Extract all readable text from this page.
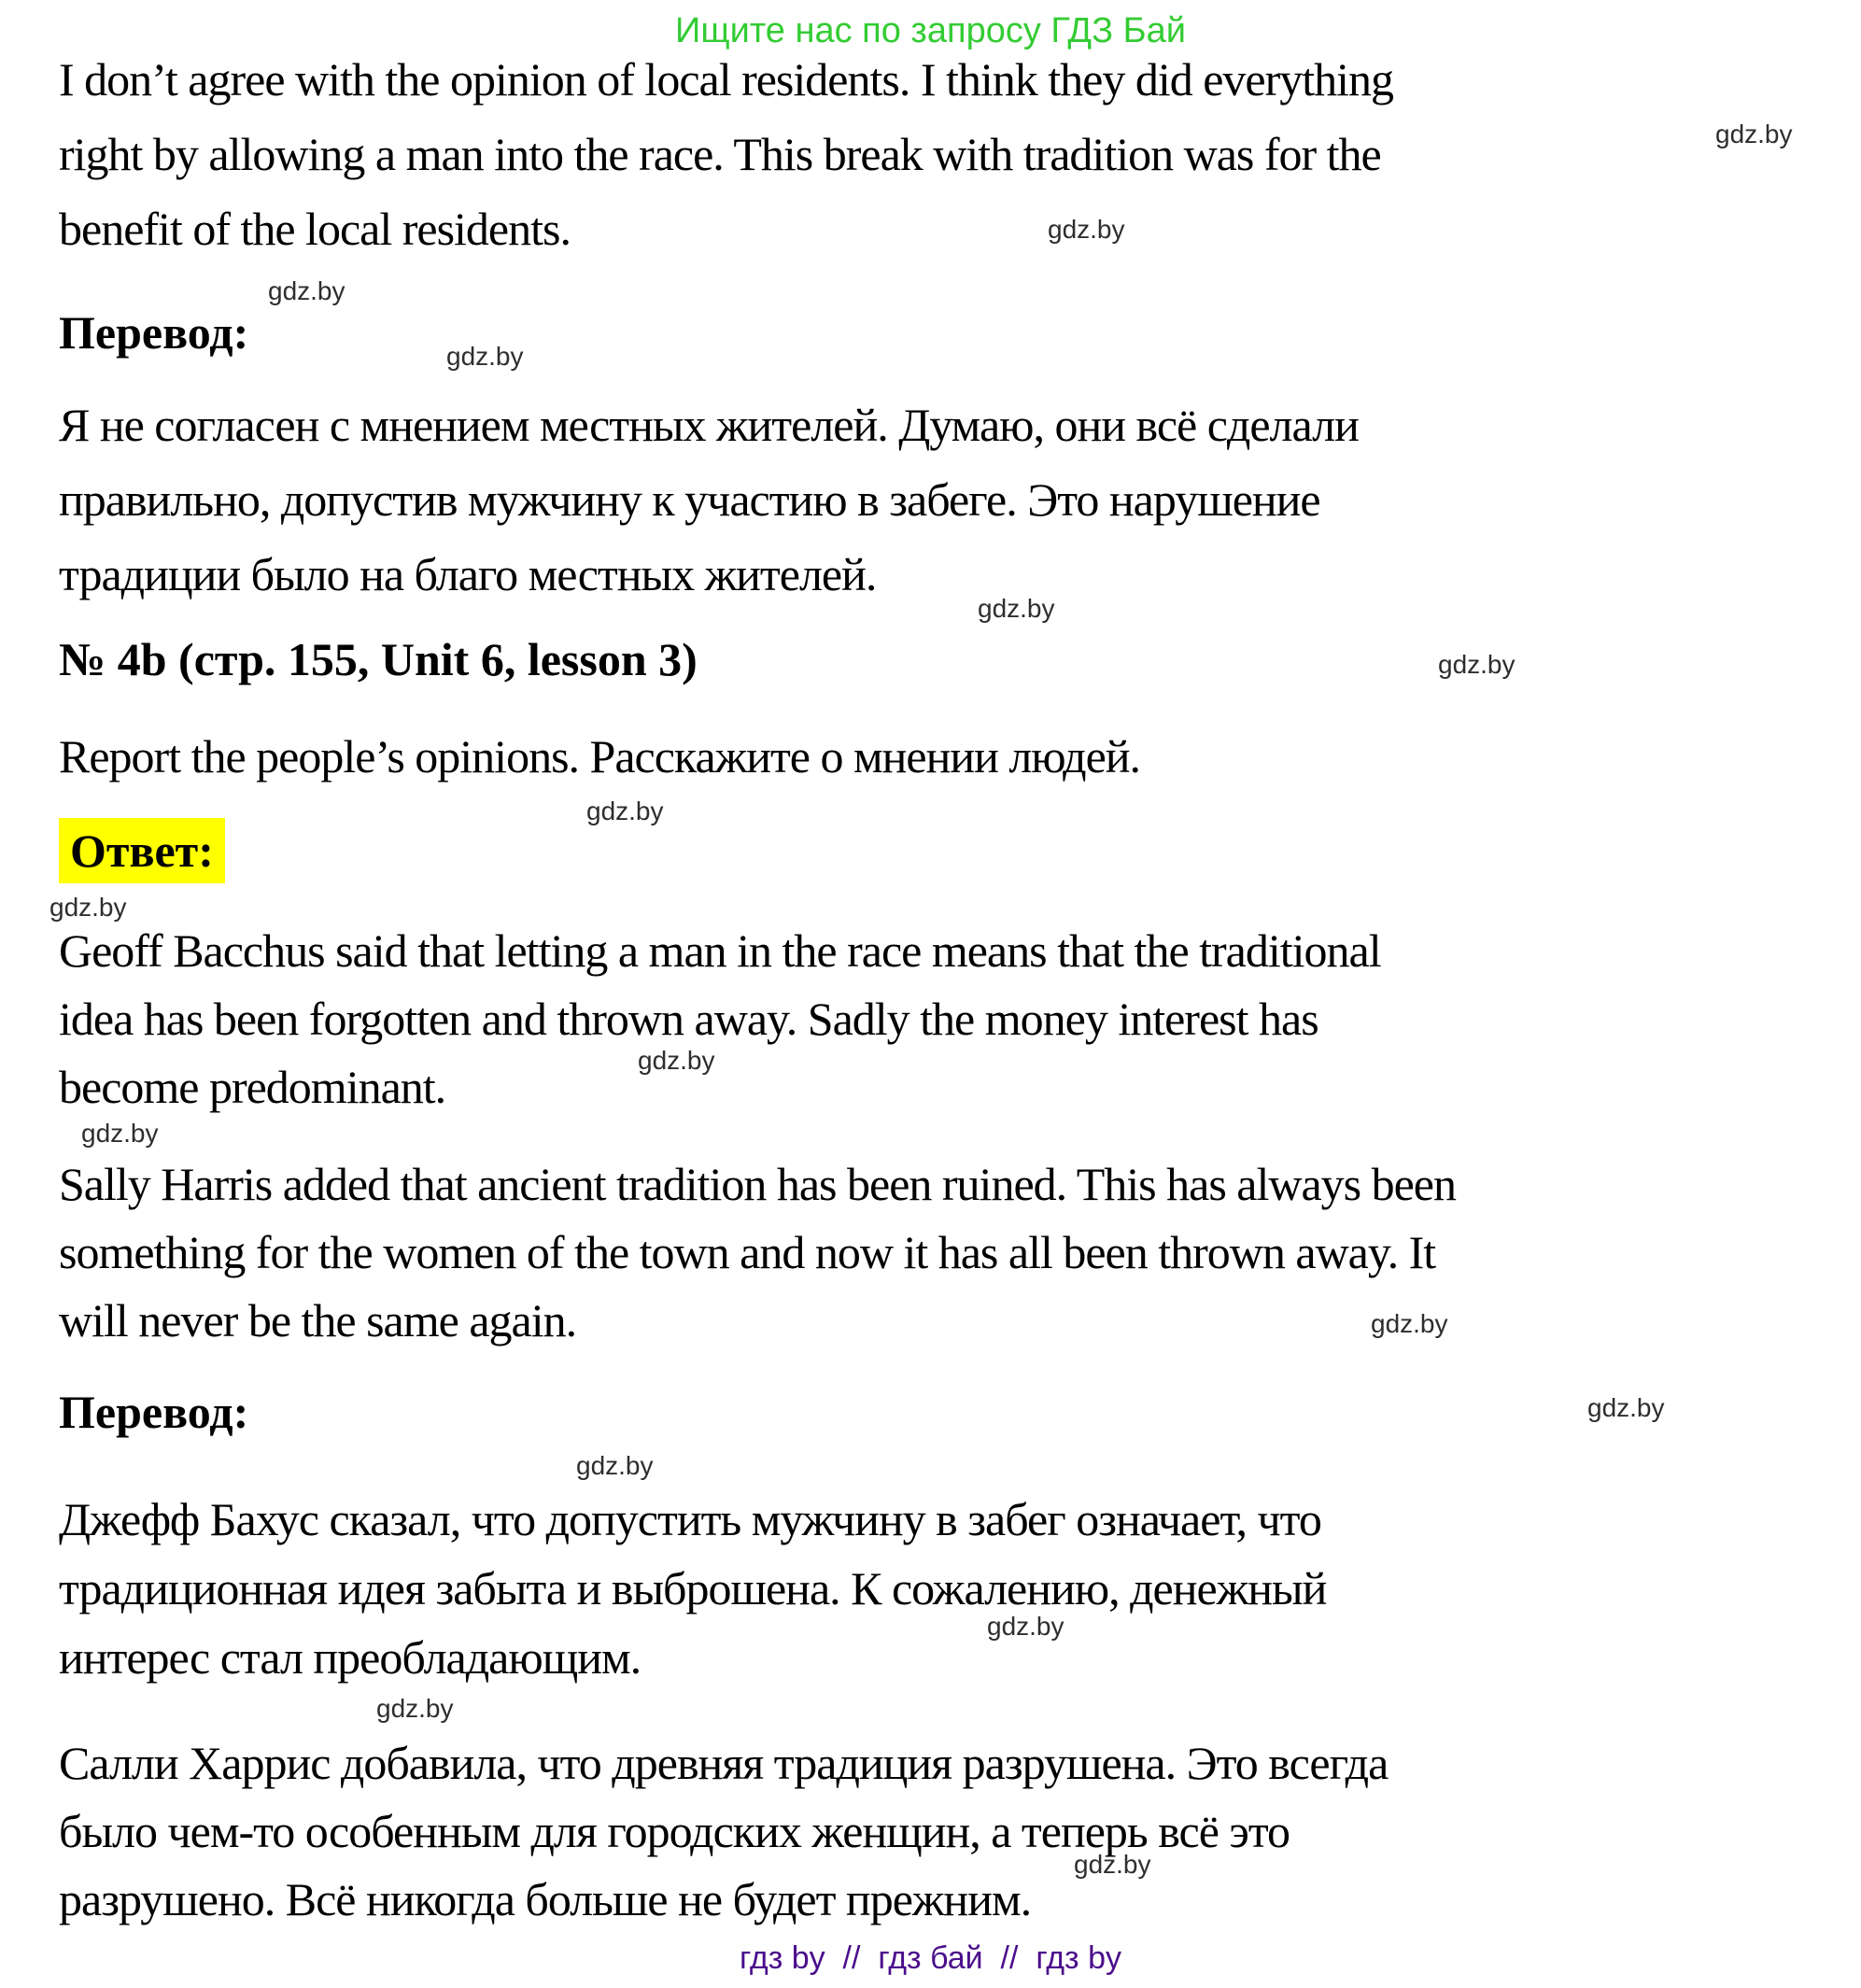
Ищите нас по запросу ГДЗ Бай
I don’t agree with the opinion of local residents. I think they did everything
right by allowing a man into the race. This break with tradition was for the
benefit of the local residents.
Перевод:
Я не согласен с мнением местных жителей. Думаю, они всё сделали
правильно, допустив мужчину к участию в забеге. Это нарушение
традиции было на благо местных жителей.
№ 4b (стр. 155, Unit 6, lesson 3)
Report the people’s opinions. Расскажите о мнении людей.
Ответ:
Geoff Bacchus said that letting a man in the race means that the traditional
idea has been forgotten and thrown away. Sadly the money interest has
become predominant.
Sally Harris added that ancient tradition has been ruined. This has always been
something for the women of the town and now it has all been thrown away. It
will never be the same again.
Перевод:
Джефф Бахус сказал, что допустить мужчину в забег означает, что
традиционная идея забыта и выброшена. К сожалению, денежный
интерес стал преобладающим.
Салли Харрис добавила, что древняя традиция разрушена. Это всегда
было чем-то особенным для городских женщин, а теперь всё это
разрушено. Всё никогда больше не будет прежним.
gdz.by
gdz.by
gdz.by
gdz.by
gdz.by
gdz.by
gdz.by
gdz.by
gdz.by
gdz.by
gdz.by
gdz.by
gdz.by
gdz.by
gdz.by
gdz.by
гдз by  //  гдз бай  //  гдз by
